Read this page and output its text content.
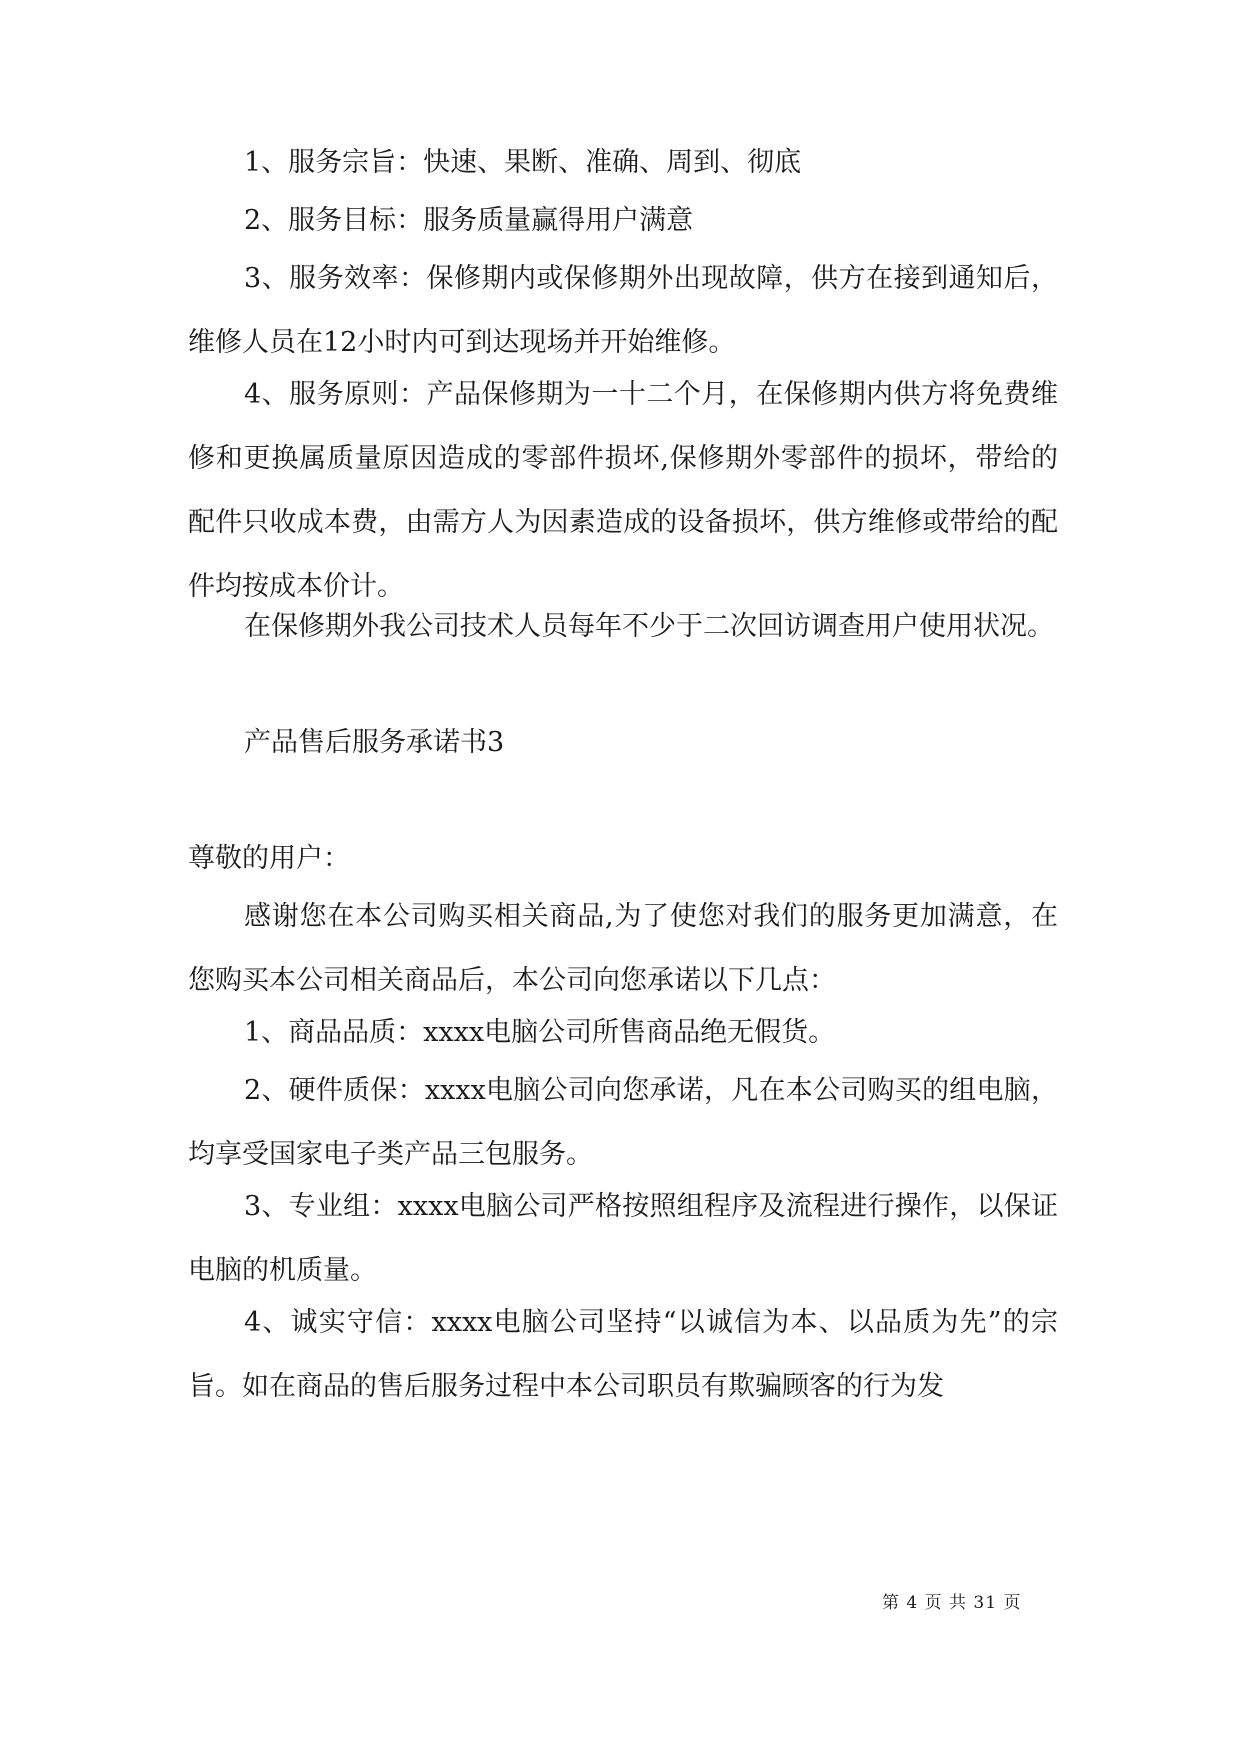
1、服务宗旨：快速、果断、准确、周到、彻底

2、服务目标：服务质量赢得用户满意

3、服务效率：保修期内或保修期外出现故障，供方在接到通知后，维修人员在12小时内可到达现场并开始维修。

4、服务原则：产品保修期为一十二个月，在保修期内供方将免费维修和更换属质量原因造成的零部件损坏,保修期外零部件的损坏，带给的配件只收成本费，由需方人为因素造成的设备损坏，供方维修或带给的配件均按成本价计。

在保修期外我公司技术人员每年不少于二次回访调查用户使用状况。

产品售后服务承诺书3

尊敬的用户：

感谢您在本公司购买相关商品,为了使您对我们的服务更加满意，在您购买本公司相关商品后，本公司向您承诺以下几点：

1、商品品质：xxxx电脑公司所售商品绝无假货。

2、硬件质保：xxxx电脑公司向您承诺，凡在本公司购买的组电脑，均享受国家电子类产品三包服务。

3、专业组：xxxx电脑公司严格按照组程序及流程进行操作，以保证电脑的机质量。

4、诚实守信：xxxx电脑公司坚持“以诚信为本、以品质为先”的宗旨。如在商品的售后服务过程中本公司职员有欺骗顾客的行为发

第 4 页 共 31 页
